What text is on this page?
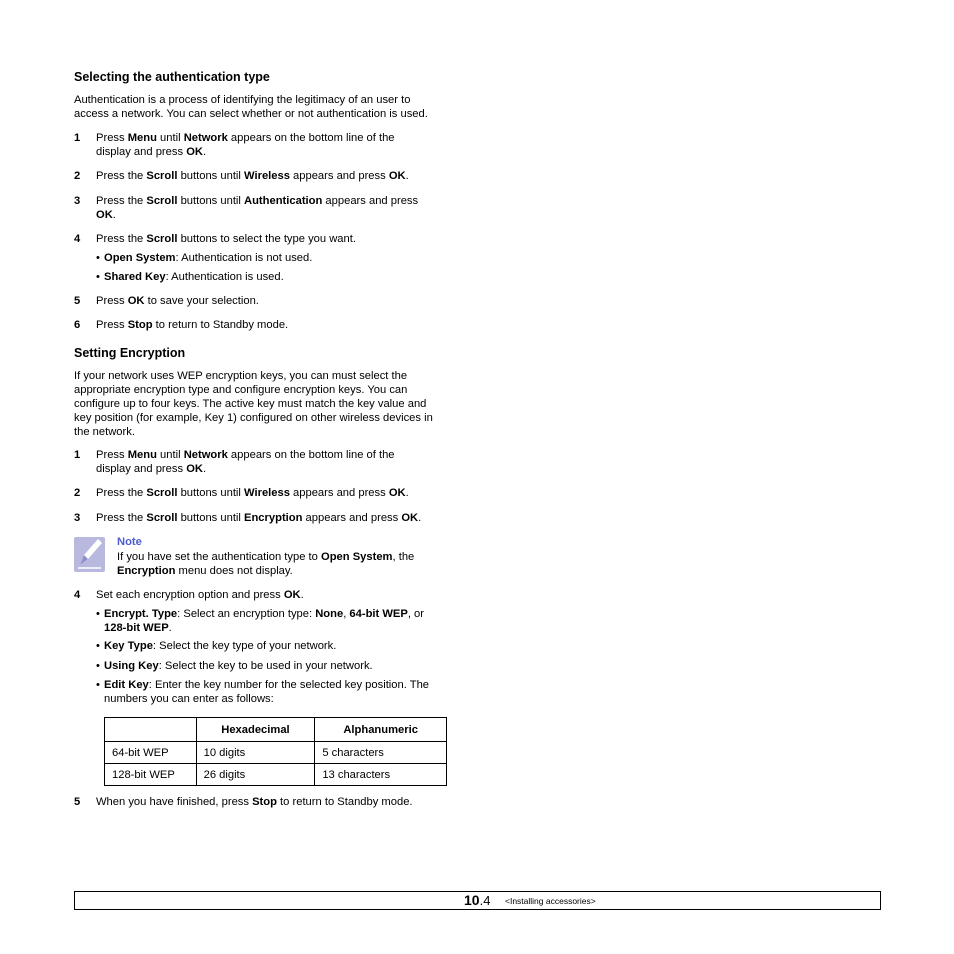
Selecting the authentication type

Authentication is a process of identifying the legitimacy of an user to
access a network. You can select whether or not authentication is used.

1 Press Menu until Network appears on the bottom line of the
display and press OK.
2 Press the Scroll buttons until Wireless appears and press OK.
3 Press the Scroll buttons until Authentication appears and press
OK.
4 Press the Scroll buttons to select the type you want.
• Open System: Authentication is not used.
• Shared Key: Authentication is used.
5 Press OK to save your selection.
6 Press Stop to return to Standby mode.
Setting Encryption

If your network uses WEP encryption keys, you can must select the
appropriate encryption type and configure encryption keys. You can
configure up to four keys. The active key must match the key value and
key position (for example, Key 1) configured on other wireless devices in
the network.

1 Press Menu until Network appears on the bottom line of the
display and press OK.
2 Press the Scroll buttons until Wireless appears and press OK.
3 Press the Scroll buttons until Encryption appears and press OK.
Note
If you have set the authentication type to Open System, the
Encryption menu does not display.
4 Set each encryption option and press OK.
• Encrypt. Type: Select an encryption type: None, 64-bit WEP, or
128-bit WEP.
• Key Type: Select the key type of your network.
• Using Key: Select the key to be used in your network.
• Edit Key: Enter the key number for the selected key position. The
numbers you can enter as follows:
	Hexadecimal	Alphanumeric
64-bit WEP	10 digits	5 characters
128-bit WEP	26 digits	13 characters
5 When you have finished, press Stop to return to Standby mode.
10.4 <Installing accessories>
